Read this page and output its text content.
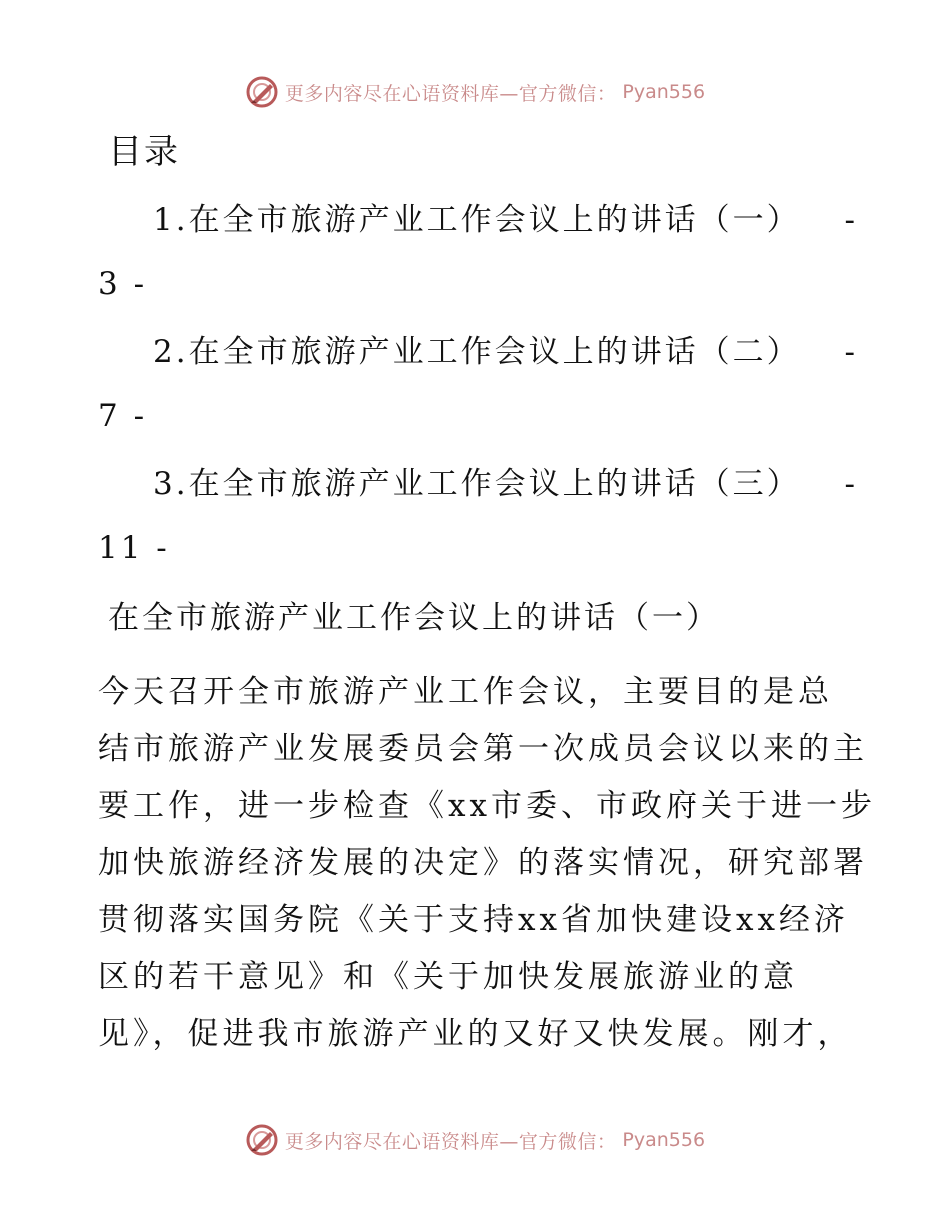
更多内容尽在心语资料库—官方微信： Pyan556
目录
1.在全市旅游产业工作会议上的讲话（一） -
3 -
2.在全市旅游产业工作会议上的讲话（二） -
7 -
3.在全市旅游产业工作会议上的讲话（三） -
11 -
在全市旅游产业工作会议上的讲话（一）
今天召开全市旅游产业工作会议，主要目的是总
结市旅游产业发展委员会第一次成员会议以来的主
要工作，进一步检查《xx市委、市政府关于进一步
加快旅游经济发展的决定》的落实情况，研究部署
贯彻落实国务院《关于支持xx省加快建设xx经济
区的若干意见》和《关于加快发展旅游业的意
见》，促进我市旅游产业的又好又快发展。刚才，
更多内容尽在心语资料库—官方微信： Pyan556
